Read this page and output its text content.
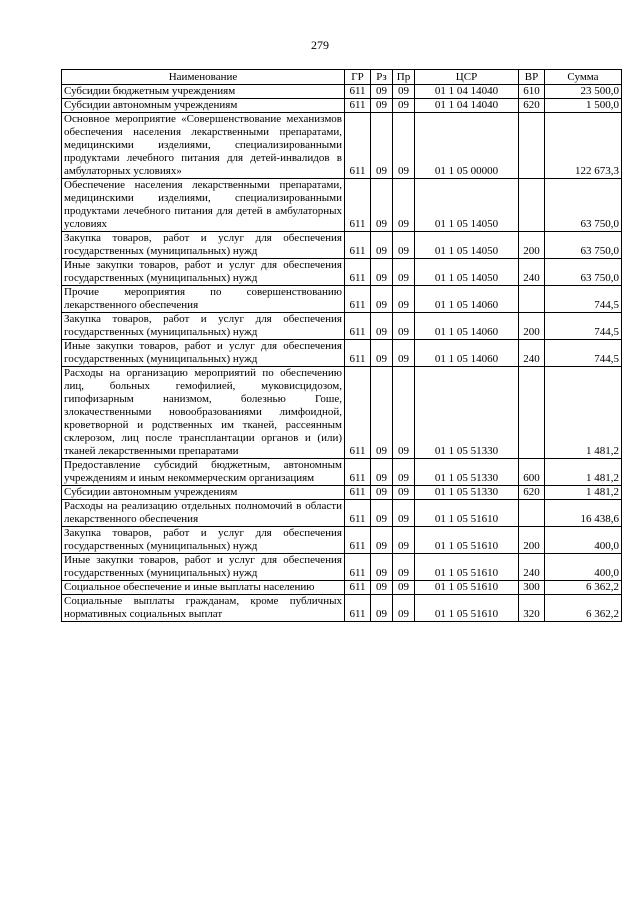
279
Наименование	ГР	Рз	Пр	ЦСР	ВР	Сумма
Субсидии бюджетным учреждениям	611	09	09	01 1 04 14040	610	23 500,0
Субсидии автономным учреждениям	611	09	09	01 1 04 14040	620	1 500,0
Основное мероприятие «Совершенствование механизмов обеспечения населения лекарственными препаратами, медицинскими изделиями, специализированными продуктами лечебного питания для детей-инвалидов в амбулаторных условиях»	611	09	09	01 1 05 00000		122 673,3
Обеспечение населения лекарственными препаратами, медицинскими изделиями, специализированными продуктами лечебного питания для детей в амбулаторных условиях	611	09	09	01 1 05 14050		63 750,0
Закупка товаров, работ и услуг для обеспечения государственных (муниципальных) нужд	611	09	09	01 1 05 14050	200	63 750,0
Иные закупки товаров, работ и услуг для обеспечения государственных (муниципальных) нужд	611	09	09	01 1 05 14050	240	63 750,0
Прочие мероприятия по совершенствованию лекарственного обеспечения	611	09	09	01 1 05 14060		744,5
Закупка товаров, работ и услуг для обеспечения государственных (муниципальных) нужд	611	09	09	01 1 05 14060	200	744,5
Иные закупки товаров, работ и услуг для обеспечения государственных (муниципальных) нужд	611	09	09	01 1 05 14060	240	744,5
Расходы на организацию мероприятий по обеспечению лиц, больных гемофилией, муковисцидозом, гипофизарным нанизмом, болезнью Гоше, злокачественными новообразованиями лимфоидной, кроветворной и родственных им тканей, рассеянным склерозом, лиц после трансплантации органов и (или) тканей лекарственными препаратами	611	09	09	01 1 05 51330		1 481,2
Предоставление субсидий бюджетным, автономным учреждениям и иным некоммерческим организациям	611	09	09	01 1 05 51330	600	1 481,2
Субсидии автономным учреждениям	611	09	09	01 1 05 51330	620	1 481,2
Расходы на реализацию отдельных полномочий в области лекарственного обеспечения	611	09	09	01 1 05 51610		16 438,6
Закупка товаров, работ и услуг для обеспечения государственных (муниципальных) нужд	611	09	09	01 1 05 51610	200	400,0
Иные закупки товаров, работ и услуг для обеспечения государственных (муниципальных) нужд	611	09	09	01 1 05 51610	240	400,0
Социальное обеспечение и иные выплаты населению	611	09	09	01 1 05 51610	300	6 362,2
Социальные выплаты гражданам, кроме публичных нормативных социальных выплат	611	09	09	01 1 05 51610	320	6 362,2
